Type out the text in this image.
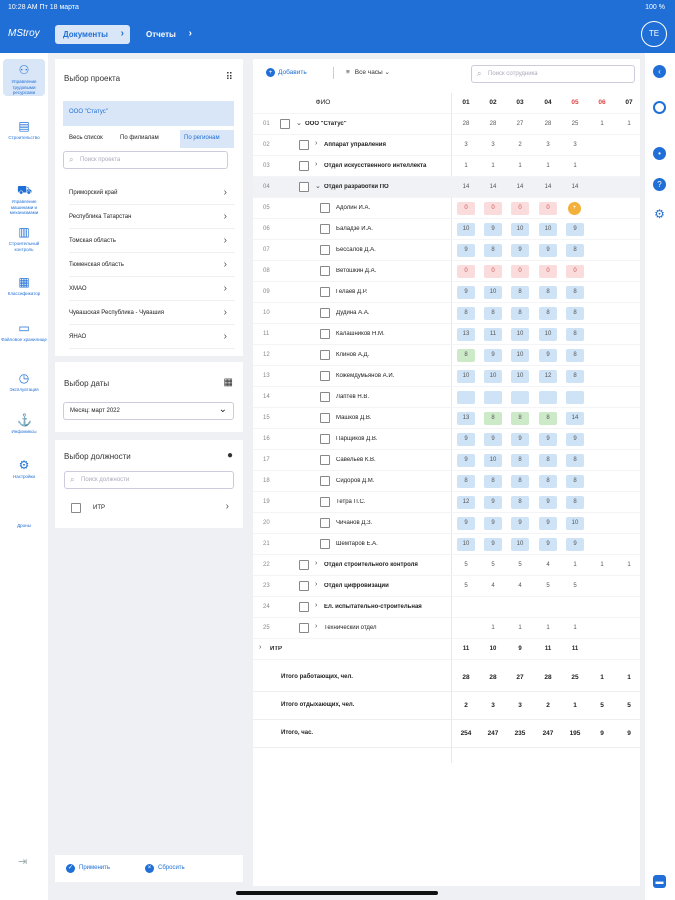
10:28 AM Пт 18 марта	100 %
MStroy	Документы ›	Отчеты ›	ТЕ
⚇
Управление трудовыми ресурсами
▤
Строительство
⛟
Управление машинами и механизмами
▥
Строительный контроль
▦
Классификатор
▭
Файловое хранилище
◷
Эксплуатация
⚓
Инфомиксы
⚙
Настройки
Дроны
⇥
Выбор проекта	⠿
ООО "Статус"
Весь список	По филиалам	По регионам
⌕ Поиск проекта
Приморский край	›
Республика Татарстан	›
Томская область	›
Тюменская область	›
ХМАО	›
Чувашская Республика - Чувашия	›
ЯНАО	›
Выбор даты	▦
Месяц: март 2022	⌄
Выбор должности	●
⌕ Поиск должности
ИТР	›
✓ Применить	× Сбросить
+ Добавить	≡ Все часы ⌄	⌕ Поиск сотрудника
ФИО	01	02	03	04	05	06	07
01	⌄ ООО "Статус"	28	28	27	28	25	1	1
02	› Аппарат управления	3	3	2	3	3
03	› Отдел искусственного интеллекта	1	1	1	1	1
04	⌄ Отдел разработки ПО	14	14	14	14	14
05	Адолин И.А.	0	0	0	0	+
06	Баладзе И.А.	10	9	10	10	9
07	Бессалов Д.А.	9	8	9	9	8
08	Ветошкин Д.А.	0	0	0	0	0
09	Гелаев Д.Р.	9	10	8	8	8
10	Дудина А.А.	8	8	8	8	8
11	Калашников Н.М.	13	11	10	10	8
12	Клинов А.Д.	8	9	10	9	8
13	Кожемдумьянов А.И.	10	10	10	12	8
14	Лаптев Н.В.
15	Машков Д.В.	13	8	8	8	14
16	Парщиков Д.В.	9	9	9	9	9
17	Савельев К.В.	9	10	8	8	8
18	Сидоров Д.М.	8	8	8	8	8
19	Тетра П.С.	12	9	8	9	8
20	Чичанов Д.З.	9	9	9	9	10
21	Шемтаров Е.А.	10	9	10	9	9
22	› Отдел строительного контроля	5	5	5	4	1	1	1
23	› Отдел цифровизации	5	4	4	5	5
24	› Ел. испытательно-строительная
25	› Технический отдел	1	1	1	1
› ИТР	11	10	9	11	11
Итого работающих, чел.	28	28	27	28	25	1	1
Итого отдыхающих, чел.	2	3	3	2	1	5	5
Итого, час.	254	247	235	247	195	9	9
‹
•
?
⚙
▬
